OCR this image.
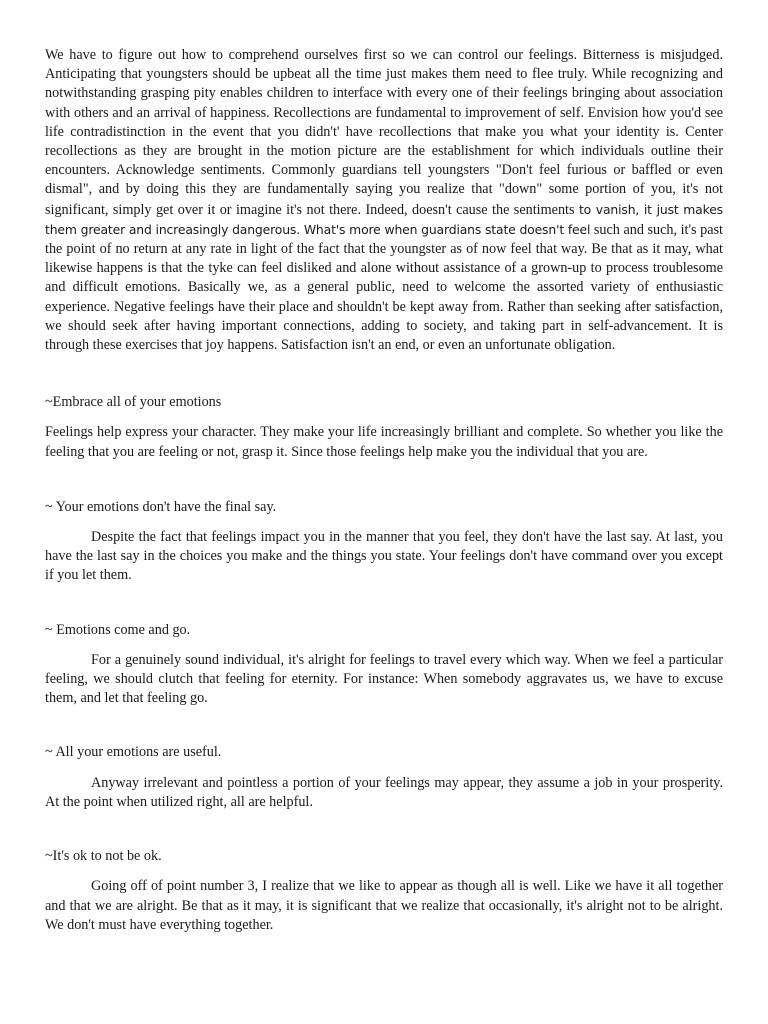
We have to figure out how to comprehend ourselves first so we can control our feelings. Bitterness is misjudged. Anticipating that youngsters should be upbeat all the time just makes them need to flee truly. While recognizing and notwithstanding grasping pity enables children to interface with every one of their feelings bringing about association with others and an arrival of happiness. Recollections are fundamental to improvement of self. Envision how you'd see life contradistinction in the event that you didn't' have recollections that make you what your identity is. Center recollections as they are brought in the motion picture are the establishment for which individuals outline their encounters. Acknowledge sentiments. Commonly guardians tell youngsters "Don't feel furious or baffled or even dismal", and by doing this they are fundamentally saying you realize that "down" some portion of you, it's not significant, simply get over it or imagine it's not there. Indeed, doesn't cause the sentiments to vanish, it just makes them greater and increasingly dangerous. What's more when guardians state doesn't feel such and such, it's past the point of no return at any rate in light of the fact that the youngster as of now feel that way. Be that as it may, what likewise happens is that the tyke can feel disliked and alone without assistance of a grown-up to process troublesome and difficult emotions. Basically we, as a general public, need to welcome the assorted variety of enthusiastic experience. Negative feelings have their place and shouldn't be kept away from. Rather than seeking after satisfaction, we should seek after having important connections, adding to society, and taking part in self-advancement. It is through these exercises that joy happens. Satisfaction isn't an end, or even an unfortunate obligation.

~Embrace all of your emotions

Feelings help express your character. They make your life increasingly brilliant and complete. So whether you like the feeling that you are feeling or not, grasp it. Since those feelings help make you the individual that you are.

~ Your emotions don't have the final say.

Despite the fact that feelings impact you in the manner that you feel, they don't have the last say. At last, you have the last say in the choices you make and the things you state. Your feelings don't have command over you except if you let them.

~ Emotions come and go.

For a genuinely sound individual, it's alright for feelings to travel every which way. When we feel a particular feeling, we should clutch that feeling for eternity. For instance: When somebody aggravates us, we have to excuse them, and let that feeling go.

~ All your emotions are useful.

Anyway irrelevant and pointless a portion of your feelings may appear, they assume a job in your prosperity. At the point when utilized right, all are helpful.

~It's ok to not be ok.

Going off of point number 3, I realize that we like to appear as though all is well. Like we have it all together and that we are alright. Be that as it may, it is significant that we realize that occasionally, it's alright not to be alright. We don't must have everything together.
